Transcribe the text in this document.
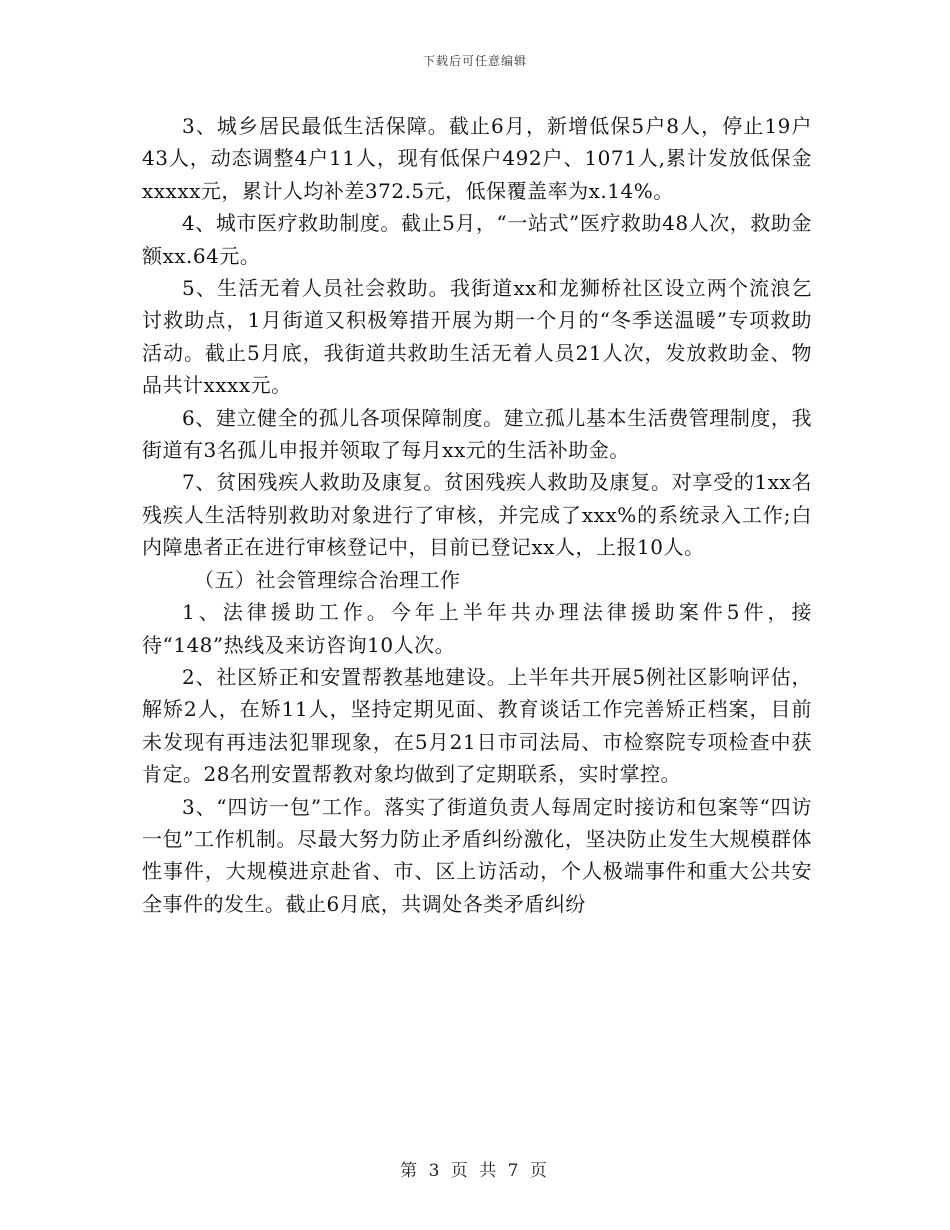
下载后可任意编辑

3、城乡居民最低生活保障。截止6月，新增低保5户8人，停止19户43人，动态调整4户11人，现有低保户492户、1071人,累计发放低保金xxxxx元，累计人均补差372.5元，低保覆盖率为x.14%。

4、城市医疗救助制度。截止5月，“一站式”医疗救助48人次，救助金额xx.64元。

5、生活无着人员社会救助。我街道xx和龙狮桥社区设立两个流浪乞讨救助点，1月街道又积极筹措开展为期一个月的“冬季送温暖”专项救助活动。截止5月底，我街道共救助生活无着人员21人次，发放救助金、物品共计xxxx元。

6、建立健全的孤儿各项保障制度。建立孤儿基本生活费管理制度，我街道有3名孤儿申报并领取了每月xx元的生活补助金。

7、贫困残疾人救助及康复。贫困残疾人救助及康复。对享受的1xx名残疾人生活特别救助对象进行了审核，并完成了xxx%的系统录入工作;白内障患者正在进行审核登记中，目前已登记xx人，上报10人。

（五）社会管理综合治理工作

1、法律援助工作。今年上半年共办理法律援助案件5件，接待“148”热线及来访咨询10人次。

2、社区矫正和安置帮教基地建设。上半年共开展5例社区影响评估，解矫2人，在矫11人，坚持定期见面、教育谈话工作完善矫正档案，目前未发现有再违法犯罪现象，在5月21日市司法局、市检察院专项检查中获肯定。28名刑安置帮教对象均做到了定期联系，实时掌控。

3、“四访一包”工作。落实了街道负责人每周定时接访和包案等“四访一包”工作机制。尽最大努力防止矛盾纠纷激化，坚决防止发生大规模群体性事件，大规模进京赴省、市、区上访活动，个人极端事件和重大公共安全事件的发生。截止6月底，共调处各类矛盾纠纷

第 3 页 共 7 页
